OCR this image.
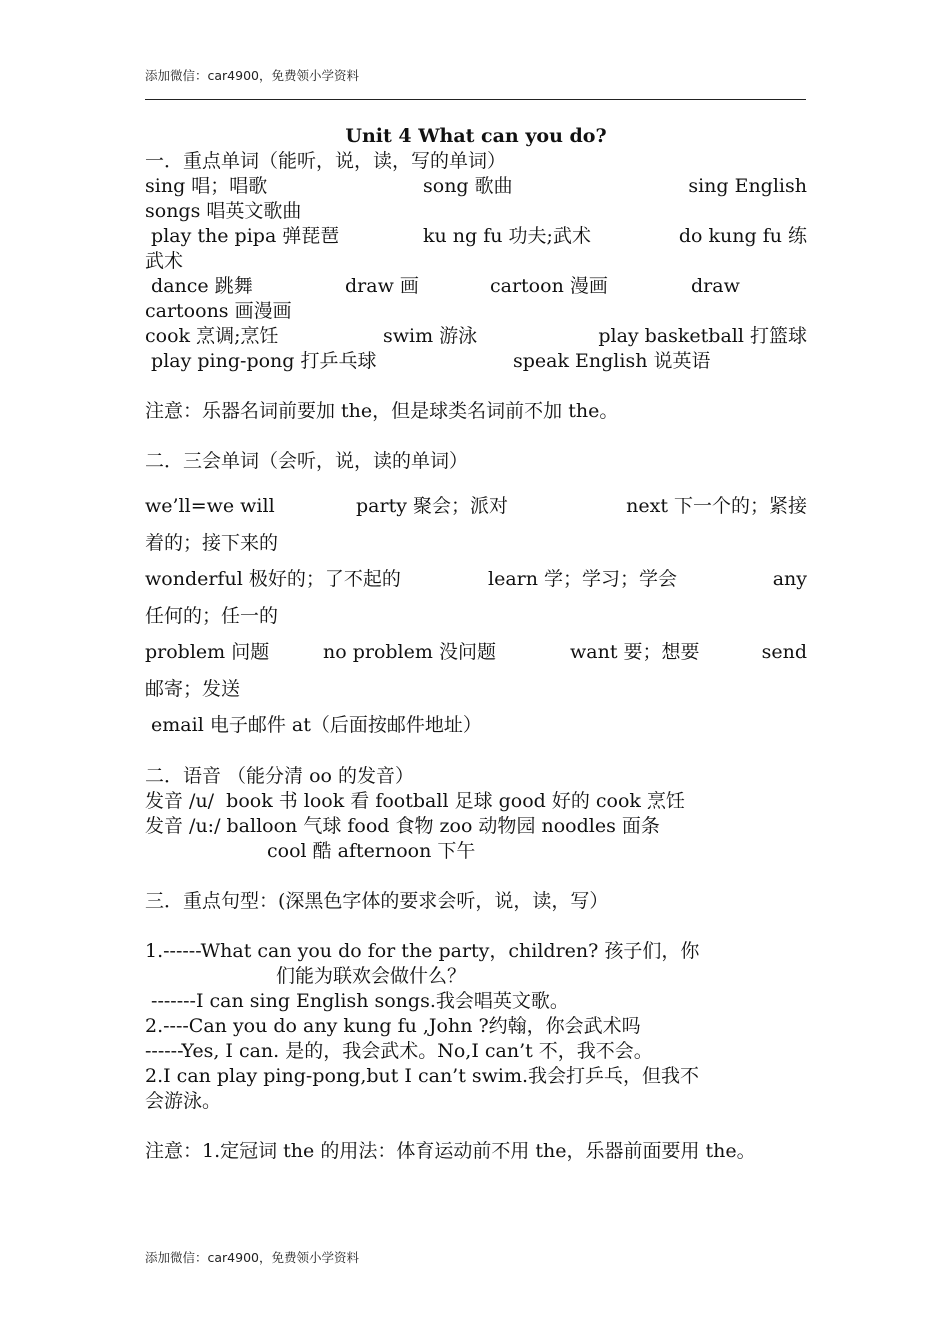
添加微信：car4900，免费领小学资料
Unit 4 What can you do?
一．重点单词（能听，说，读，写的单词）
sing 唱；唱歌	song 歌曲	sing English
songs 唱英文歌曲
play the pipa 弹琵琶	ku ng fu 功夫;武术	do kung fu 练
武术
dance 跳舞	draw 画	cartoon 漫画	draw
cartoons 画漫画
cook 烹调;烹饪	swim 游泳	play basketball 打篮球
play ping-pong 打乒乓球	speak English 说英语
注意：乐器名词前要加 the，但是球类名词前不加 the。
二．三会单词（会听，说，读的单词）
we’ll=we will	party 聚会；派对	next 下一个的；紧接
着的；接下来的
wonderful 极好的；了不起的	learn 学；学习；学会	any
任何的；任一的
problem 问题	no problem 没问题	want 要；想要	send
邮寄；发送
email 电子邮件 at（后面按邮件地址）
二．语音 （能分清 oo 的发音）
发音 /u/  book 书 look 看 football 足球 good 好的 cook 烹饪
发音 /u:/ balloon 气球 food 食物 zoo 动物园 noodles 面条
cool 酷 afternoon 下午
三．重点句型：(深黑色字体的要求会听，说，读，写）
1.------What can you do for the party，children? 孩子们，你
们能为联欢会做什么？
-------I can sing English songs.我会唱英文歌。
2.----Can you do any kung fu ,John ?约翰，你会武术吗
------Yes, I can. 是的，我会武术。No,I can’t 不，我不会。
2.I can play ping-pong,but I can’t swim.我会打乒乓，但我不
会游泳。
注意：1.定冠词 the 的用法：体育运动前不用 the，乐器前面要用 the。
添加微信：car4900，免费领小学资料
